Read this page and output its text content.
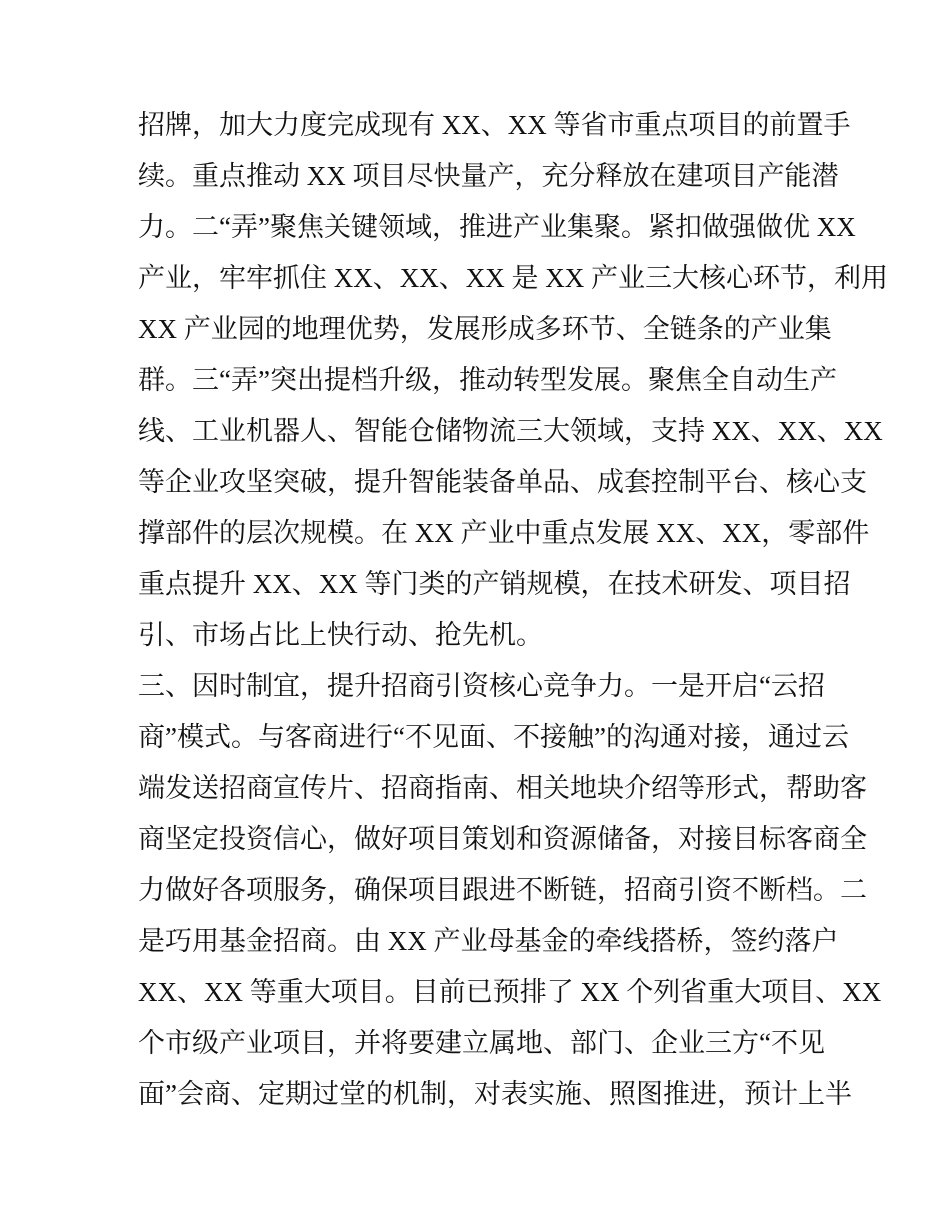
招牌，加大力度完成现有 XX、XX 等省市重点项目的前置手
续。重点推动 XX 项目尽快量产，充分释放在建项目产能潜
力。二“弄”聚焦关键领域，推进产业集聚。紧扣做强做优 XX
产业，牢牢抓住 XX、XX、XX 是 XX 产业三大核心环节，利用
XX 产业园的地理优势，发展形成多环节、全链条的产业集
群。三“弄”突出提档升级，推动转型发展。聚焦全自动生产
线、工业机器人、智能仓储物流三大领域，支持 XX、XX、XX
等企业攻坚突破，提升智能装备单品、成套控制平台、核心支
撑部件的层次规模。在 XX 产业中重点发展 XX、XX，零部件
重点提升 XX、XX 等门类的产销规模，在技术研发、项目招
引、市场占比上快行动、抢先机。
三、因时制宜，提升招商引资核心竞争力。一是开启“云招
商”模式。与客商进行“不见面、不接触”的沟通对接，通过云
端发送招商宣传片、招商指南、相关地块介绍等形式，帮助客
商坚定投资信心，做好项目策划和资源储备，对接目标客商全
力做好各项服务，确保项目跟进不断链，招商引资不断档。二
是巧用基金招商。由 XX 产业母基金的牵线搭桥，签约落户
XX、XX 等重大项目。目前已预排了 XX 个列省重大项目、XX
个市级产业项目，并将要建立属地、部门、企业三方“不见
面”会商、定期过堂的机制，对表实施、照图推进，预计上半
